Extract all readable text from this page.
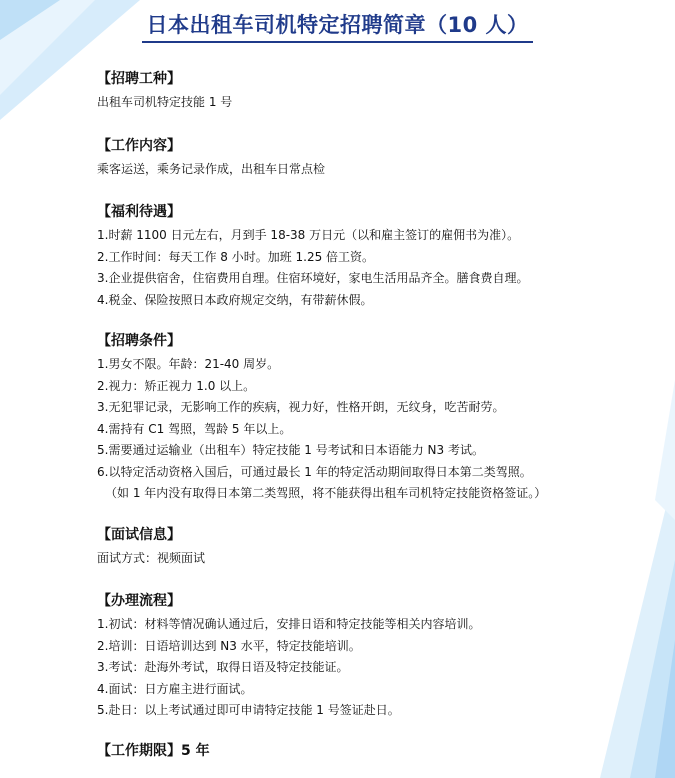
日本出租车司机特定招聘简章（10 人）
【招聘工种】
出租车司机特定技能 1 号
【工作内容】
乘客运送，乘务记录作成，出租车日常点检
【福利待遇】
1.时薪 1100 日元左右，月到手 18-38 万日元（以和雇主签订的雇佣书为准）。
2.工作时间：每天工作 8 小时。加班 1.25 倍工资。
3.企业提供宿舍，住宿费用自理。住宿环境好，家电生活用品齐全。膳食费自理。
4.税金、保险按照日本政府规定交纳，有带薪休假。
【招聘条件】
1.男女不限。年龄：21-40 周岁。
2.视力：矫正视力 1.0 以上。
3.无犯罪记录，无影响工作的疾病，视力好，性格开朗，无纹身，吃苦耐劳。
4.需持有 C1 驾照，驾龄 5 年以上。
5.需要通过运输业（出租车）特定技能 1 号考试和日本语能力 N3 考试。
6.以特定活动资格入国后，可通过最长 1 年的特定活动期间取得日本第二类驾照。
（如 1 年内没有取得日本第二类驾照，将不能获得出租车司机特定技能资格签证。）
【面试信息】
面试方式：视频面试
【办理流程】
1.初试：材料等情况确认通过后，安排日语和特定技能等相关内容培训。
2.培训：日语培训达到 N3 水平，特定技能培训。
3.考试：赴海外考试，取得日语及特定技能证。
4.面试：日方雇主进行面试。
5.赴日：以上考试通过即可申请特定技能 1 号签证赴日。
【工作期限】5 年
